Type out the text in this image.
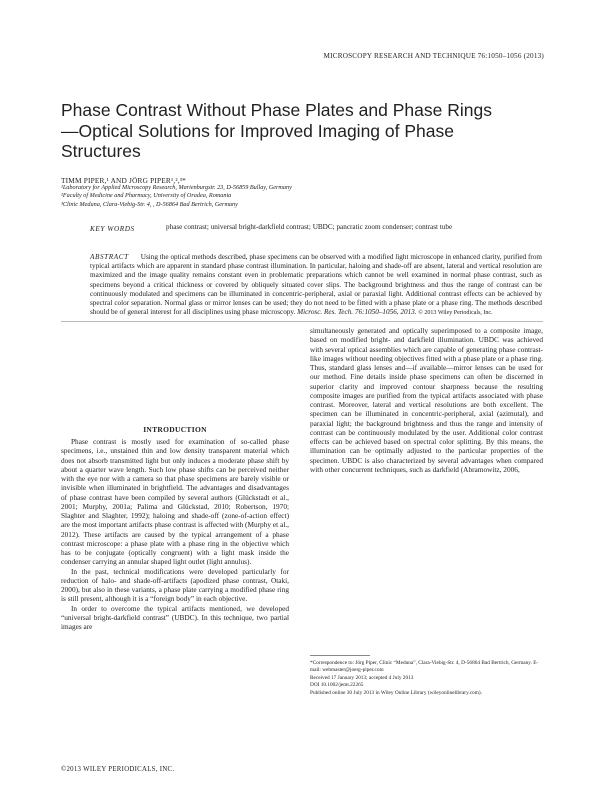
MICROSCOPY RESEARCH AND TECHNIQUE 76:1050–1056 (2013)
Phase Contrast Without Phase Plates and Phase Rings—Optical Solutions for Improved Imaging of Phase Structures
TIMM PIPER,¹ AND JÖRG PIPER¹,²,³*
¹Laboratory for Applied Microscopy Research, Marienburgstr. 23, D-56859 Bullay, Germany
²Faculty of Medicine and Pharmacy, University of Oradea, Romania
³Clinic Meduna, Clara-Viebig-Str. 4, , D-56864 Bad Bertrich, Germany
KEY WORDS	phase contrast; universal bright-darkfield contrast; UBDC; pancratic zoom condenser; contrast tube
ABSTRACT Using the optical methods described, phase specimens can be observed with a modified light microscope in enhanced clarity, purified from typical artifacts which are apparent in standard phase contrast illumination. In particular, haloing and shade-off are absent, lateral and vertical resolution are maximized and the image quality remains constant even in problematic preparations which cannot be well examined in normal phase contrast, such as specimens beyond a critical thickness or covered by obliquely situated cover slips. The background brightness and thus the range of contrast can be continuously modulated and specimens can be illuminated in concentric-peripheral, axial or paraxial light. Additional contrast effects can be achieved by spectral color separation. Normal glass or mirror lenses can be used; they do not need to be fitted with a phase plate or a phase ring. The methods described should be of general interest for all disciplines using phase microscopy. Microsc. Res. Tech. 76:1050–1056, 2013. © 2013 Wiley Periodicals, Inc.
INTRODUCTION

Phase contrast is mostly used for examination of so-called phase specimens, i.e., unstained thin and low density transparent material which does not absorb transmitted light but only induces a moderate phase shift by about a quarter wave length. Such low phase shifts can be perceived neither with the eye nor with a camera so that phase specimens are barely visible or invisible when illuminated in brightfield. The advantages and disadvantages of phase contrast have been compiled by several authors (Glückstadt et al., 2001; Murphy, 2001a; Palima and Glückstad, 2010; Robertson, 1970; Slaghter and Slaghter, 1992); haloing and shade-off (zone-of-action effect) are the most important artifacts phase contrast is affected with (Murphy et al., 2012). These artifacts are caused by the typical arrangement of a phase contrast microscope: a phase plate with a phase ring in the objective which has to be conjugate (optically congruent) with a light mask inside the condenser carrying an annular shaped light outlet (light annulus).

In the past, technical modifications were developed particularly for reduction of halo- and shade-off-artifacts (apodized phase contrast, Otaki, 2000), but also in these variants, a phase plate carrying a modified phase ring is still present, although it is a “foreign body” in each objective.

In order to overcome the typical artifacts mentioned, we developed “universal bright-darkfield contrast” (UBDC). In this technique, two partial images are

simultaneously generated and optically superimposed to a composite image, based on modified bright- and darkfield illumination. UBDC was achieved with several optical assemblies which are capable of generating phase contrast-like images without needing objectives fitted with a phase plate or a phase ring. Thus, standard glass lenses and—if available—mirror lenses can be used for our method. Fine details inside phase specimens can often be discerned in superior clarity and improved contour sharpness because the resulting composite images are purified from the typical artifacts associated with phase contrast. Moreover, lateral and vertical resolutions are both excellent. The specimen can be illuminated in concentric-peripheral, axial (azimutal), and paraxial light; the background brightness and thus the range and intensity of contrast can be continuously modulated by the user. Additional color contrast effects can be achieved based on spectral color splitting. By this means, the illumination can be optimally adjusted to the particular properties of the specimen. UBDC is also characterized by several advantages when compared with other concurrent techniques, such as darkfield (Abramowitz, 2006,

*Correspondence to: Jörg Piper, Clinic “Meduna”, Clara-Viebig-Str. 4, D-56864 Bad Bertrich, Germany. E-mail: webmaster@joerg-piper.com
Received 17 January 2013; accepted 4 July 2013
DOI 10.1002/jemt.22265
Published online 30 July 2013 in Wiley Online Library (wileyonlinelibrary.com).
©2013 WILEY PERIODICALS, INC.
